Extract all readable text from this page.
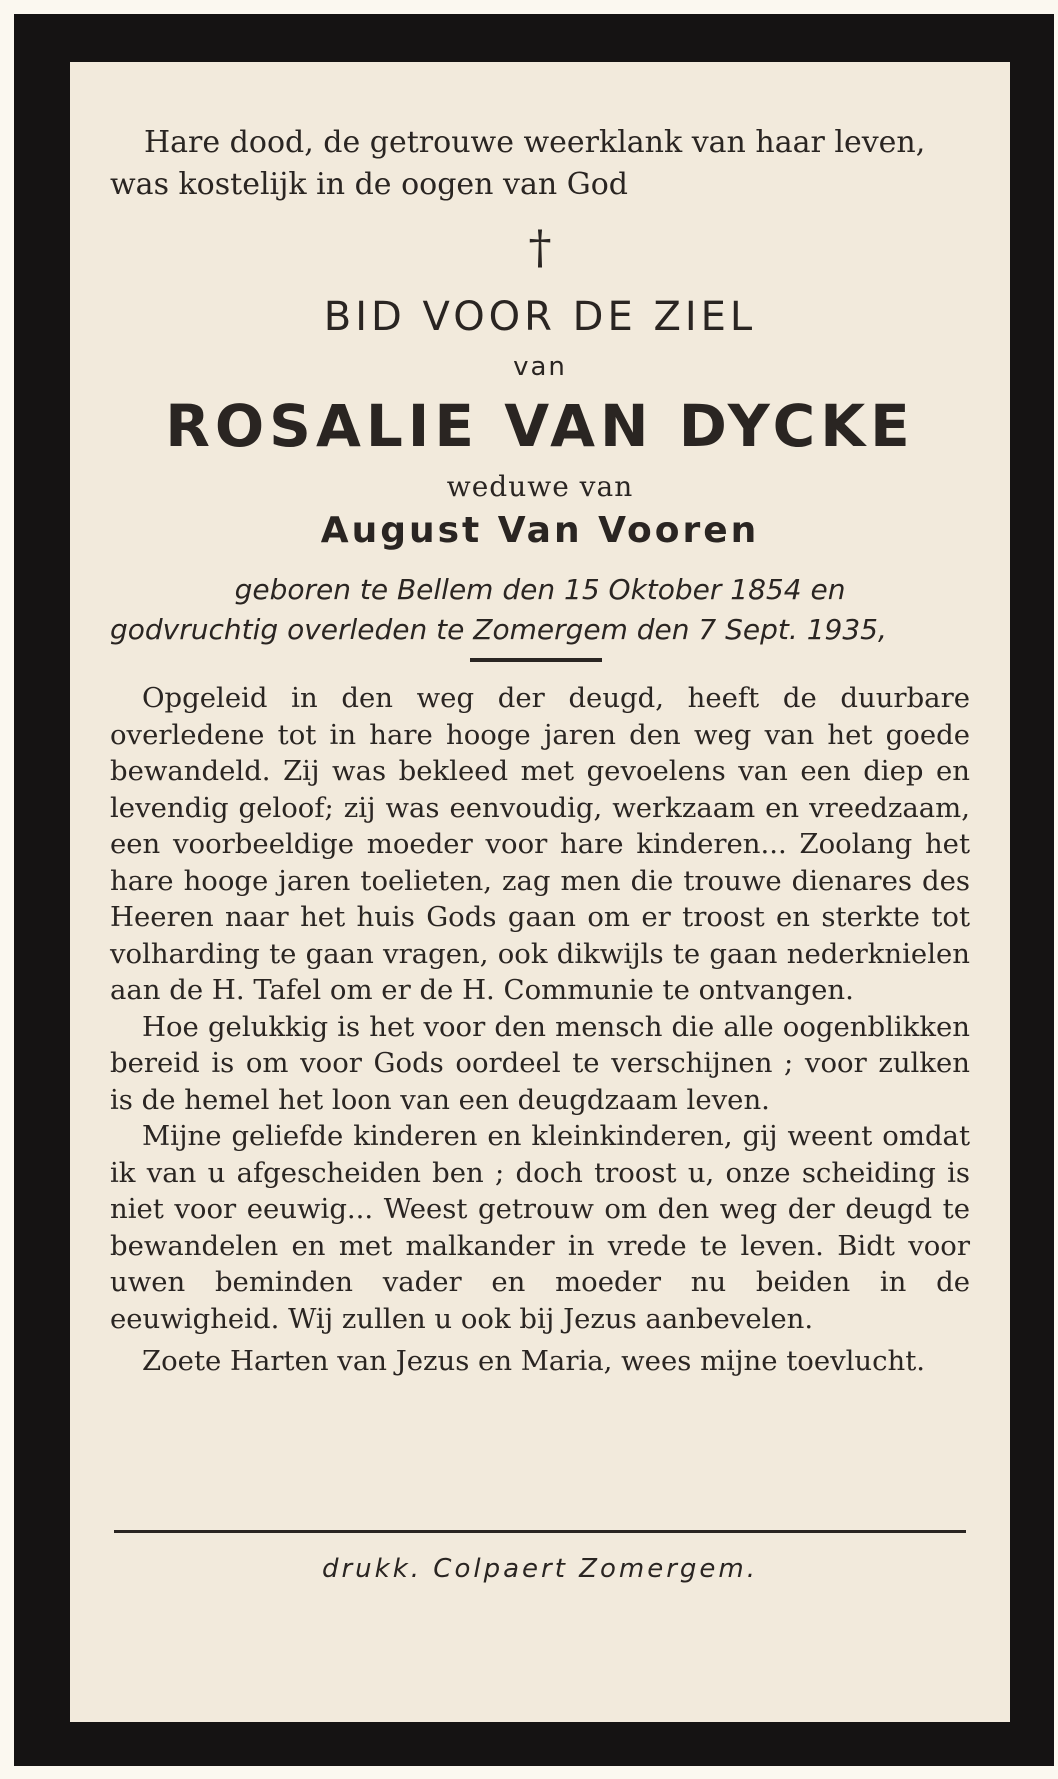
Hare dood, de getrouwe weerklank van haar leven,
was kostelijk in de oogen van God
†
BID VOOR DE ZIEL
van
ROSALIE VAN DYCKE
weduwe van
August Van Vooren
geboren te Bellem den 15 Oktober 1854 en
godvruchtig overleden te Zomergem den 7 Sept. 1935,

Opgeleid in den weg der deugd, heeft de duurbare overledene tot in hare hooge jaren den weg van het goede bewandeld. Zij was bekleed met gevoelens van een diep en levendig geloof; zij was eenvoudig, werkzaam en vreedzaam, een voorbeeldige moeder voor hare kinderen... Zoolang het hare hooge jaren toelieten, zag men die trouwe dienares des Heeren naar het huis Gods gaan om er troost en sterkte tot volharding te gaan vragen, ook dikwijls te gaan nederknielen aan de H. Tafel om er de H. Communie te ontvangen.

Hoe gelukkig is het voor den mensch die alle oogenblikken bereid is om voor Gods oordeel te verschijnen ; voor zulken is de hemel het loon van een deugdzaam leven.

Mijne geliefde kinderen en kleinkinderen, gij weent omdat ik van u afgescheiden ben ; doch troost u, onze scheiding is niet voor eeuwig... Weest getrouw om den weg der deugd te bewandelen en met malkander in vrede te leven. Bidt voor uwen beminden vader en moeder nu beiden in de eeuwigheid. Wij zullen u ook bij Jezus aanbevelen.

Zoete Harten van Jezus en Maria, wees mijne toevlucht.

drukk. Colpaert Zomergem.
